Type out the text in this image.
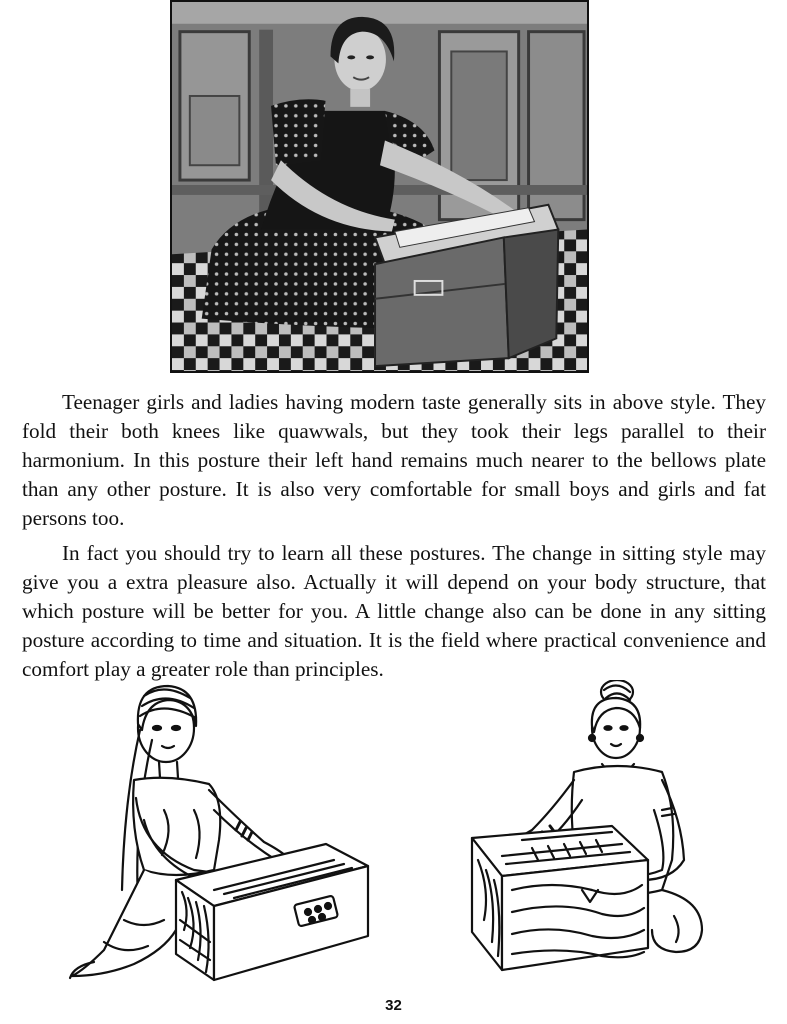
Teenager girls and ladies having modern taste generally sits in above style. They fold their both knees like quawwals, but they took their legs parallel to their harmonium. In this posture their left hand remains much nearer to the bellows plate than any other posture. It is also very comfortable for small boys and girls and fat persons too.

In fact you should try to learn all these postures. The change in sitting style may give you a extra pleasure also. Actually it will depend on your body structure, that which posture will be better for you. A little change also can be done in any sitting posture according to time and situation. It is the field where practical convenience and comfort play a greater role than principles.

32
